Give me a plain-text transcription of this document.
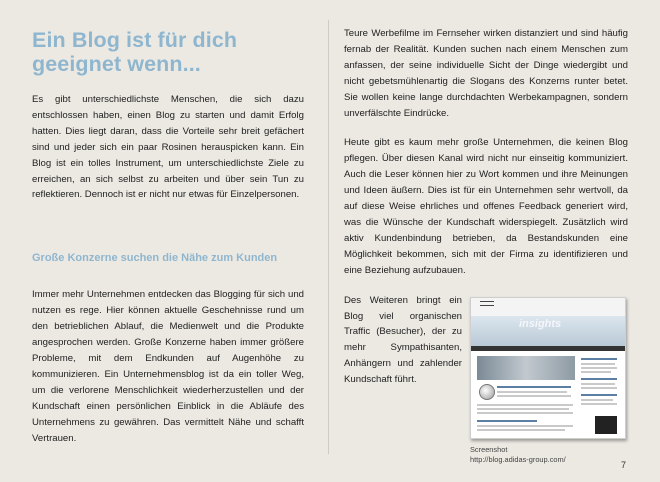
Ein Blog ist für dich geeignet wenn...

Es gibt unterschiedlichste Menschen, die sich dazu entschlossen haben, einen Blog zu starten und damit Erfolg hatten. Dies liegt daran, dass die Vorteile sehr breit gefächert sind und jeder sich ein paar Rosinen herauspicken kann. Ein Blog ist ein tolles Instrument, um unterschiedlichste Ziele zu erreichen, an sich selbst zu arbeiten und über sein Tun zu reflektieren. Dennoch ist er nicht nur etwas für Einzelpersonen.

Große Konzerne suchen die Nähe zum Kunden

Immer mehr Unternehmen entdecken das Blogging für sich und nutzen es rege. Hier können aktuelle Geschehnisse rund um den betrieblichen Ablauf, die Medienwelt und die Produkte angesprochen werden. Große Konzerne haben immer größere Probleme, mit dem Endkunden auf Augenhöhe zu kommunizieren. Ein Unternehmensblog ist da ein toller Weg, um die verlorene Menschlichkeit wiederherzustellen und der Kundschaft einen persönlichen Einblick in die Abläufe des Unternehmens zu gewähren. Das vermittelt Nähe und schafft Vertrauen.

Teure Werbefilme im Fernseher wirken distanziert und sind häufig fernab der Realität. Kunden suchen nach einem Menschen zum anfassen, der seine individuelle Sicht der Dinge wiedergibt und nicht gebetsmühlenartig die Slogans des Konzerns runter betet. Sie wollen keine lange durchdachten Werbekampagnen, sondern unverfälschte Eindrücke.

Heute gibt es kaum mehr große Unternehmen, die keinen Blog pflegen. Über diesen Kanal wird nicht nur einseitig kommuniziert. Auch die Leser können hier zu Wort kommen und ihre Meinungen und Ideen äußern. Dies ist für ein Unternehmen sehr wertvoll, da auf diese Weise ehrliches und offenes Feedback generiert wird, was die Wünsche der Kundschaft widerspiegelt. Zusätzlich wird aktiv Kundenbindung betrieben, da Bestandskunden eine Möglichkeit bekommen, sich mit der Firma zu identifizieren und eine Beziehung aufzubauen.

Des Weiteren bringt ein Blog viel organischen Traffic (Besucher), der zu mehr Sympathisanten, Anhängern und zahlender Kundschaft führt.

insights
Screenshot
http://blog.adidas-group.com/
7
